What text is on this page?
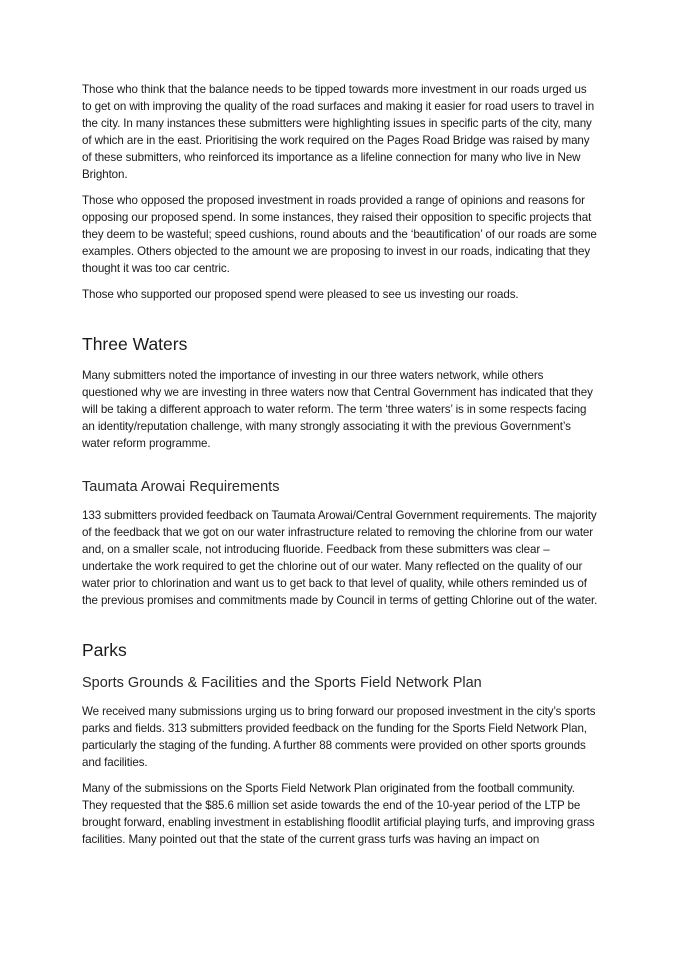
Those who think that the balance needs to be tipped towards more investment in our roads urged us to get on with improving the quality of the road surfaces and making it easier for road users to travel in the city. In many instances these submitters were highlighting issues in specific parts of the city, many of which are in the east. Prioritising the work required on the Pages Road Bridge was raised by many of these submitters, who reinforced its importance as a lifeline connection for many who live in New Brighton.

Those who opposed the proposed investment in roads provided a range of opinions and reasons for opposing our proposed spend. In some instances, they raised their opposition to specific projects that they deem to be wasteful; speed cushions, round abouts and the ‘beautification’ of our roads are some examples. Others objected to the amount we are proposing to invest in our roads, indicating that they thought it was too car centric.

Those who supported our proposed spend were pleased to see us investing our roads.

Three Waters

Many submitters noted the importance of investing in our three waters network, while others questioned why we are investing in three waters now that Central Government has indicated that they will be taking a different approach to water reform. The term ‘three waters’ is in some respects facing an identity/reputation challenge, with many strongly associating it with the previous Government’s water reform programme.

Taumata Arowai Requirements

133 submitters provided feedback on Taumata Arowai/Central Government requirements. The majority of the feedback that we got on our water infrastructure related to removing the chlorine from our water and, on a smaller scale, not introducing fluoride. Feedback from these submitters was clear – undertake the work required to get the chlorine out of our water. Many reflected on the quality of our water prior to chlorination and want us to get back to that level of quality, while others reminded us of the previous promises and commitments made by Council in terms of getting Chlorine out of the water.

Parks
Sports Grounds & Facilities and the Sports Field Network Plan

We received many submissions urging us to bring forward our proposed investment in the city’s sports parks and fields. 313 submitters provided feedback on the funding for the Sports Field Network Plan, particularly the staging of the funding. A further 88 comments were provided on other sports grounds and facilities.

Many of the submissions on the Sports Field Network Plan originated from the football community. They requested that the $85.6 million set aside towards the end of the 10-year period of the LTP be brought forward, enabling investment in establishing floodlit artificial playing turfs, and improving grass facilities. Many pointed out that the state of the current grass turfs was having an impact on
